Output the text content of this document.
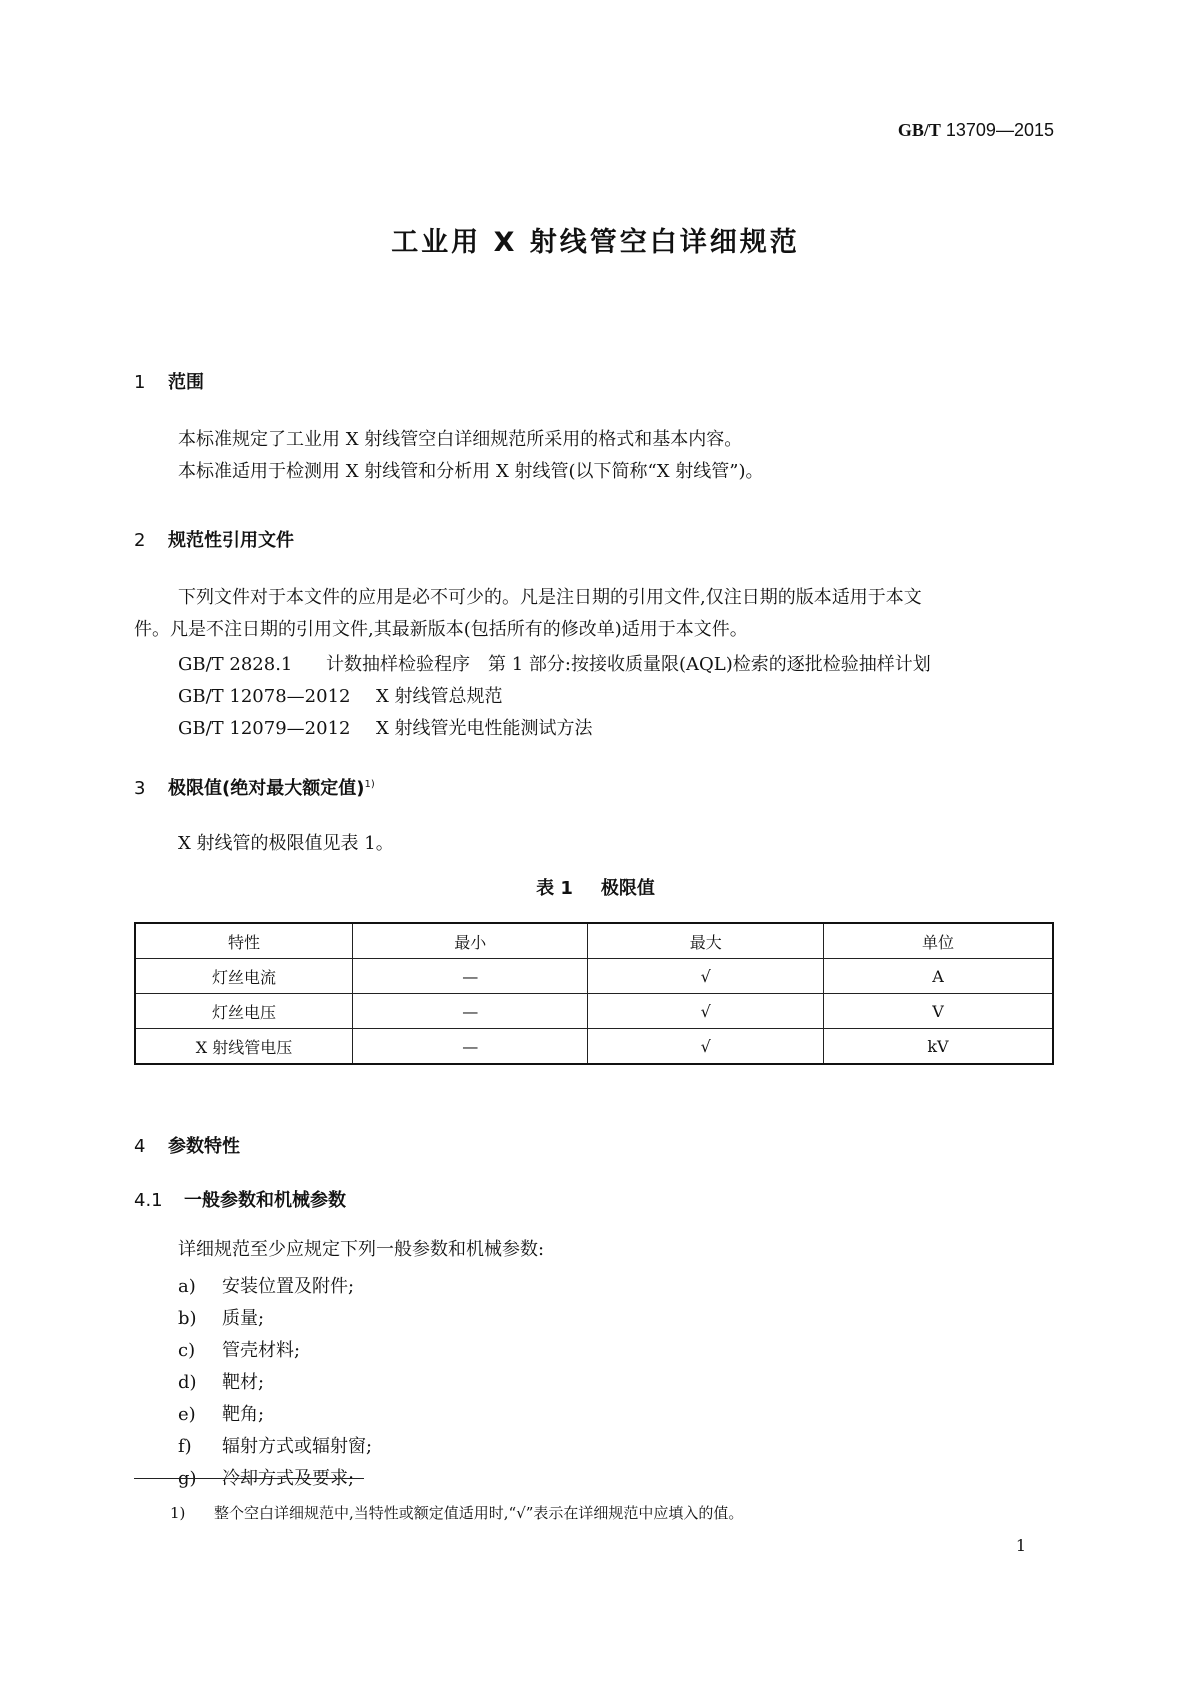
GB/T 13709—2015
工业用 X 射线管空白详细规范
1 范围
本标准规定了工业用 X 射线管空白详细规范所采用的格式和基本内容。
本标准适用于检测用 X 射线管和分析用 X 射线管(以下简称“X 射线管”)。
2 规范性引用文件
下列文件对于本文件的应用是必不可少的。凡是注日期的引用文件,仅注日期的版本适用于本文
件。凡是不注日期的引用文件,其最新版本(包括所有的修改单)适用于本文件。
GB/T 2828.1 计数抽样检验程序　第 1 部分:按接收质量限(AQL)检索的逐批检验抽样计划
GB/T 12078—2012 X 射线管总规范
GB/T 12079—2012 X 射线管光电性能测试方法
3 极限值(绝对最大额定值)$^{1)}$
X 射线管的极限值见表 1。
表 1 极限值
特性	最小	最大	单位
灯丝电流	—	√	A
灯丝电压	—	√	V
X 射线管电压	—	√	kV
4 参数特性
4.1 一般参数和机械参数
详细规范至少应规定下列一般参数和机械参数:
a) 安装位置及附件;
b) 质量;
c) 管壳材料;
d) 靶材;
e) 靶角;
f) 辐射方式或辐射窗;
g) 冷却方式及要求;
1) 整个空白详细规范中,当特性或额定值适用时,“√”表示在详细规范中应填入的值。
1
